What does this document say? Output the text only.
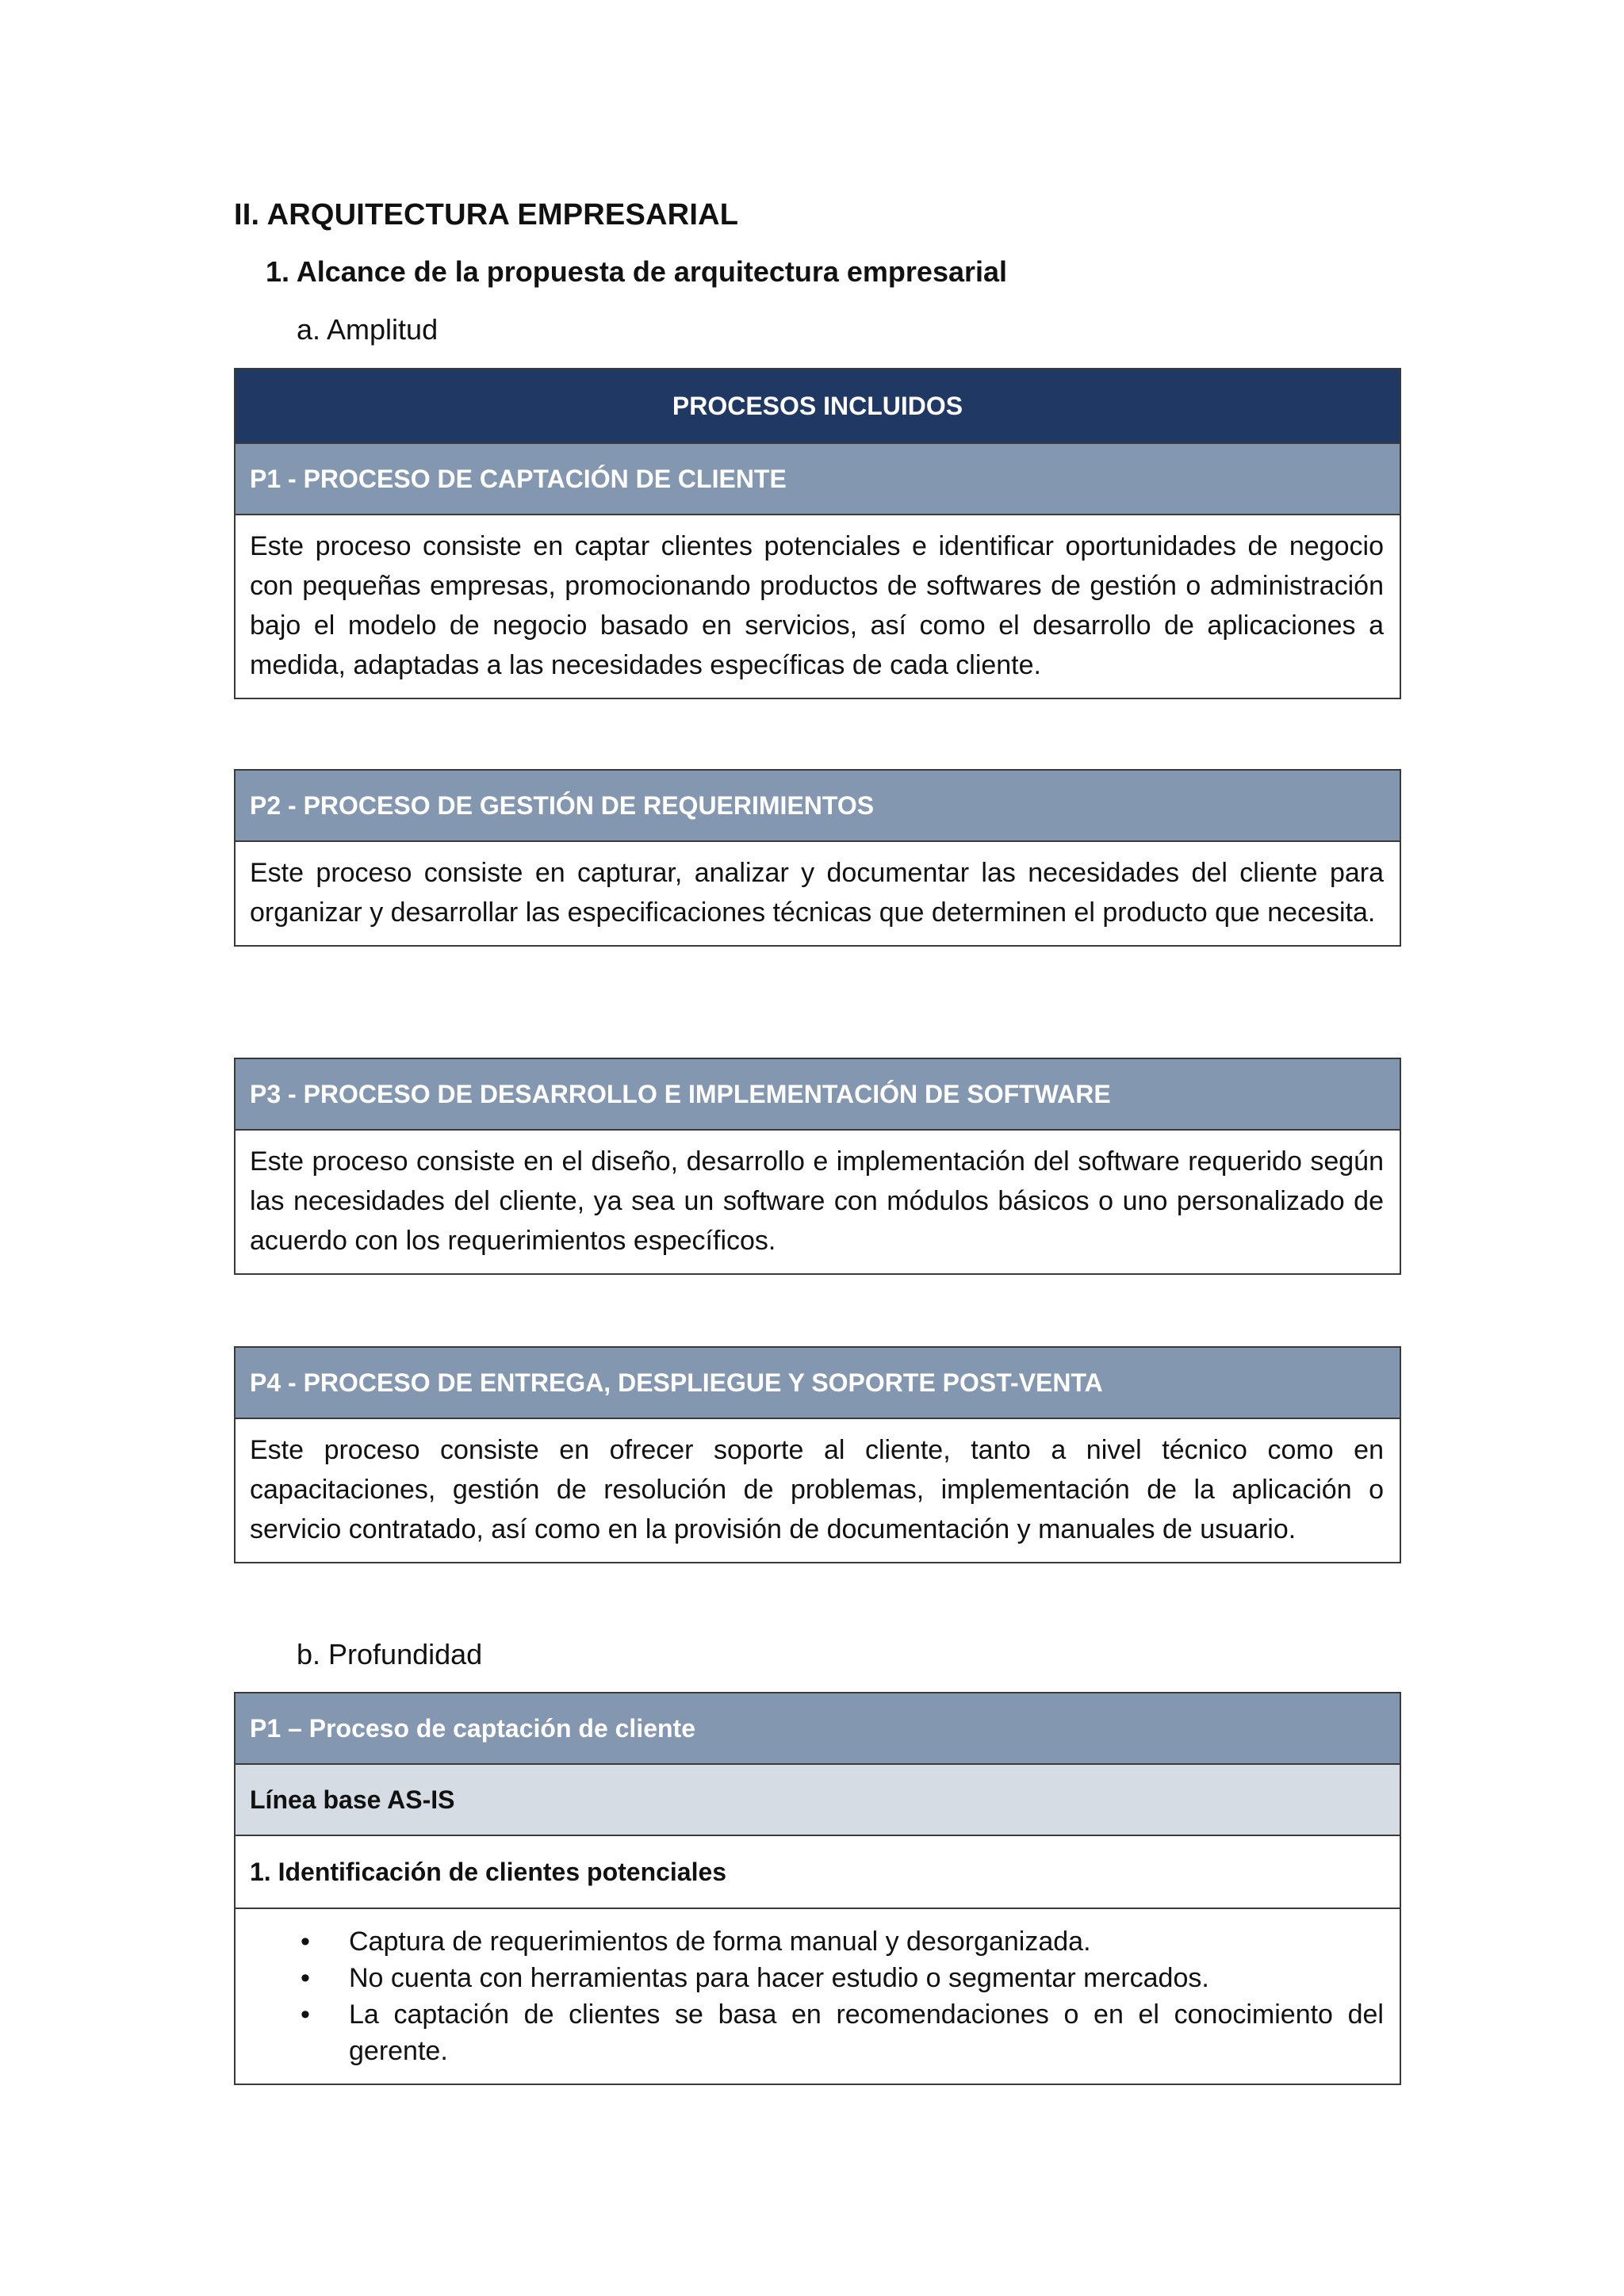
II. ARQUITECTURA EMPRESARIAL
1. Alcance de la propuesta de arquitectura empresarial
a. Amplitud
PROCESOS INCLUIDOS
P1 - PROCESO DE CAPTACIÓN DE CLIENTE
Este proceso consiste en captar clientes potenciales e identificar oportunidades de negocio con pequeñas empresas, promocionando productos de softwares de gestión o administración bajo el modelo de negocio basado en servicios, así como el desarrollo de aplicaciones a medida, adaptadas a las necesidades específicas de cada cliente.
P2 - PROCESO DE GESTIÓN DE REQUERIMIENTOS
Este proceso consiste en capturar, analizar y documentar las necesidades del cliente para organizar y desarrollar las especificaciones técnicas que determinen el producto que necesita.
P3 - PROCESO DE DESARROLLO E IMPLEMENTACIÓN DE SOFTWARE
Este proceso consiste en el diseño, desarrollo e implementación del software requerido según las necesidades del cliente, ya sea un software con módulos básicos o uno personalizado de acuerdo con los requerimientos específicos.
P4 - PROCESO DE ENTREGA, DESPLIEGUE Y SOPORTE POST-VENTA
Este proceso consiste en ofrecer soporte al cliente, tanto a nivel técnico como en capacitaciones, gestión de resolución de problemas, implementación de la aplicación o servicio contratado, así como en la provisión de documentación y manuales de usuario.
b. Profundidad
P1 – Proceso de captación de cliente
Línea base AS-IS
1. Identificación de clientes potenciales
• Captura de requerimientos de forma manual y desorganizada.
• No cuenta con herramientas para hacer estudio o segmentar mercados.
• La captación de clientes se basa en recomendaciones o en el conocimiento del gerente.
